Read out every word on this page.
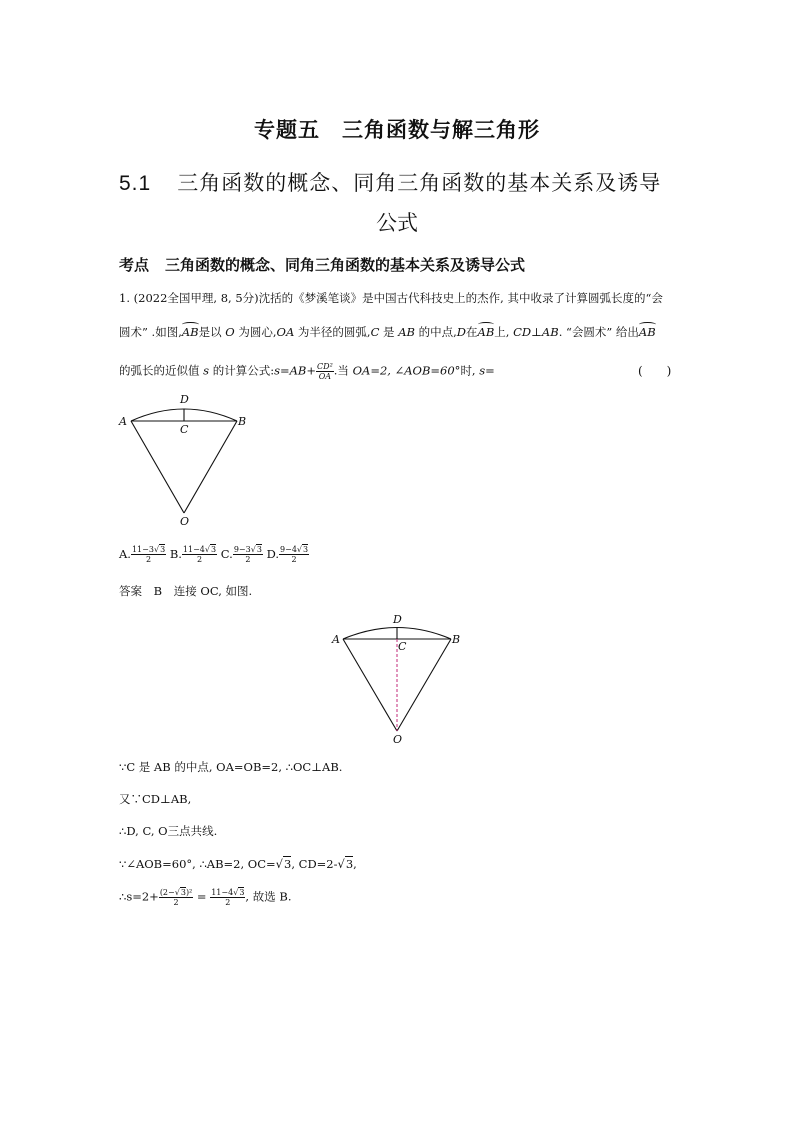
专题五　三角函数与解三角形
5.1 三角函数的概念、同角三角函数的基本关系及诱导
公式
考点 三角函数的概念、同角三角函数的基本关系及诱导公式
1. (2022全国甲理, 8, 5分)沈括的《梦溪笔谈》是中国古代科技史上的杰作, 其中收录了计算圆弧长度的“会
圆术” .如图,AB是以 O 为圆心,OA 为半径的圆弧,C 是 AB 的中点,D在AB上, CD⊥AB. “会圆术” 给出AB
的弧长的近似值 s 的计算公式:s=AB+ $\frac{\text{CD²}}{OA}$ .当 OA=2, ∠AOB=60°时, s=	(　　)
A	B
C
D
O
A. $\frac{11-3√3}{2} B$. $\frac{11-4√3}{2} C$. $\frac{9-3√3}{2} D$. $\frac{9-4√3}{2}$
答案 B 连接 OC, 如图.
A	B
C
D
O
∵C 是 AB 的中点, OA=OB=2, ∴OC⊥AB.
又∵CD⊥AB,
∴D, C, O三点共线.
∵∠AOB=60°, ∴AB=2, OC=√3, CD=2-√3,
∴s=2+ $\frac{\text{(2−√3)²}}{2} = \frac{11-4√3}{2}$ , 故选 B.
